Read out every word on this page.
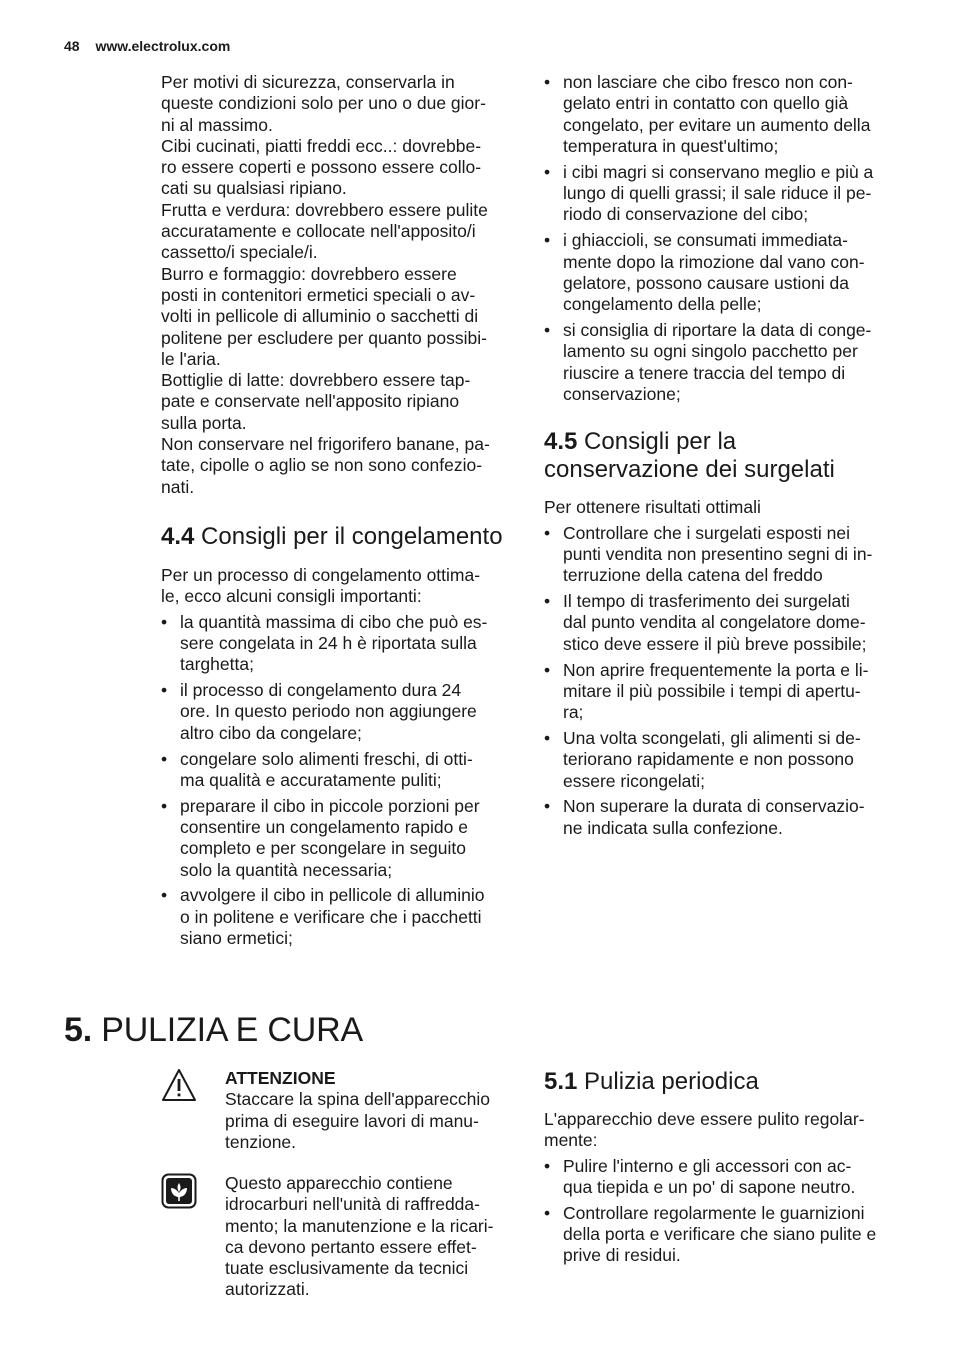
48 www.electrolux.com

Per motivi di sicurezza, conservarla in
queste condizioni solo per uno o due gior-
ni al massimo.
Cibi cucinati, piatti freddi ecc..: dovrebbe-
ro essere coperti e possono essere collo-
cati su qualsiasi ripiano.
Frutta e verdura: dovrebbero essere pulite
accuratamente e collocate nell'apposito/i
cassetto/i speciale/i.
Burro e formaggio: dovrebbero essere
posti in contenitori ermetici speciali o av-
volti in pellicole di alluminio o sacchetti di
politene per escludere per quanto possibi-
le l'aria.
Bottiglie di latte: dovrebbero essere tap-
pate e conservate nell'apposito ripiano
sulla porta.
Non conservare nel frigorifero banane, pa-
tate, cipolle o aglio se non sono confezio-
nati.

4.4 Consigli per il congelamento

Per un processo di congelamento ottima-
le, ecco alcuni consigli importanti:

• la quantità massima di cibo che può es-
sere congelata in 24 h è riportata sulla
targhetta;
• il processo di congelamento dura 24
ore. In questo periodo non aggiungere
altro cibo da congelare;
• congelare solo alimenti freschi, di otti-
ma qualità e accuratamente puliti;
• preparare il cibo in piccole porzioni per
consentire un congelamento rapido e
completo e per scongelare in seguito
solo la quantità necessaria;
• avvolgere il cibo in pellicole di alluminio
o in politene e verificare che i pacchetti
siano ermetici;
• non lasciare che cibo fresco non con-
gelato entri in contatto con quello già
congelato, per evitare un aumento della
temperatura in quest'ultimo;
• i cibi magri si conservano meglio e più a
lungo di quelli grassi; il sale riduce il pe-
riodo di conservazione del cibo;
• i ghiaccioli, se consumati immediata-
mente dopo la rimozione dal vano con-
gelatore, possono causare ustioni da
congelamento della pelle;
• si consiglia di riportare la data di conge-
lamento su ogni singolo pacchetto per
riuscire a tenere traccia del tempo di
conservazione;
4.5 Consigli per la
conservazione dei surgelati

Per ottenere risultati ottimali

• Controllare che i surgelati esposti nei
punti vendita non presentino segni di in-
terruzione della catena del freddo
• Il tempo di trasferimento dei surgelati
dal punto vendita al congelatore dome-
stico deve essere il più breve possibile;
• Non aprire frequentemente la porta e li-
mitare il più possibile i tempi di apertu-
ra;
• Una volta scongelati, gli alimenti si de-
teriorano rapidamente e non possono
essere ricongelati;
• Non superare la durata di conservazio-
ne indicata sulla confezione.
5. PULIZIA E CURA

ATTENZIONE

Staccare la spina dell'apparecchio
prima di eseguire lavori di manu-
tenzione.

Questo apparecchio contiene
idrocarburi nell'unità di raffredda-
mento; la manutenzione e la ricari-
ca devono pertanto essere effet-
tuate esclusivamente da tecnici
autorizzati.

5.1 Pulizia periodica

L'apparecchio deve essere pulito regolar-
mente:

• Pulire l'interno e gli accessori con ac-
qua tiepida e un po' di sapone neutro.
• Controllare regolarmente le guarnizioni
della porta e verificare che siano pulite e
prive di residui.
